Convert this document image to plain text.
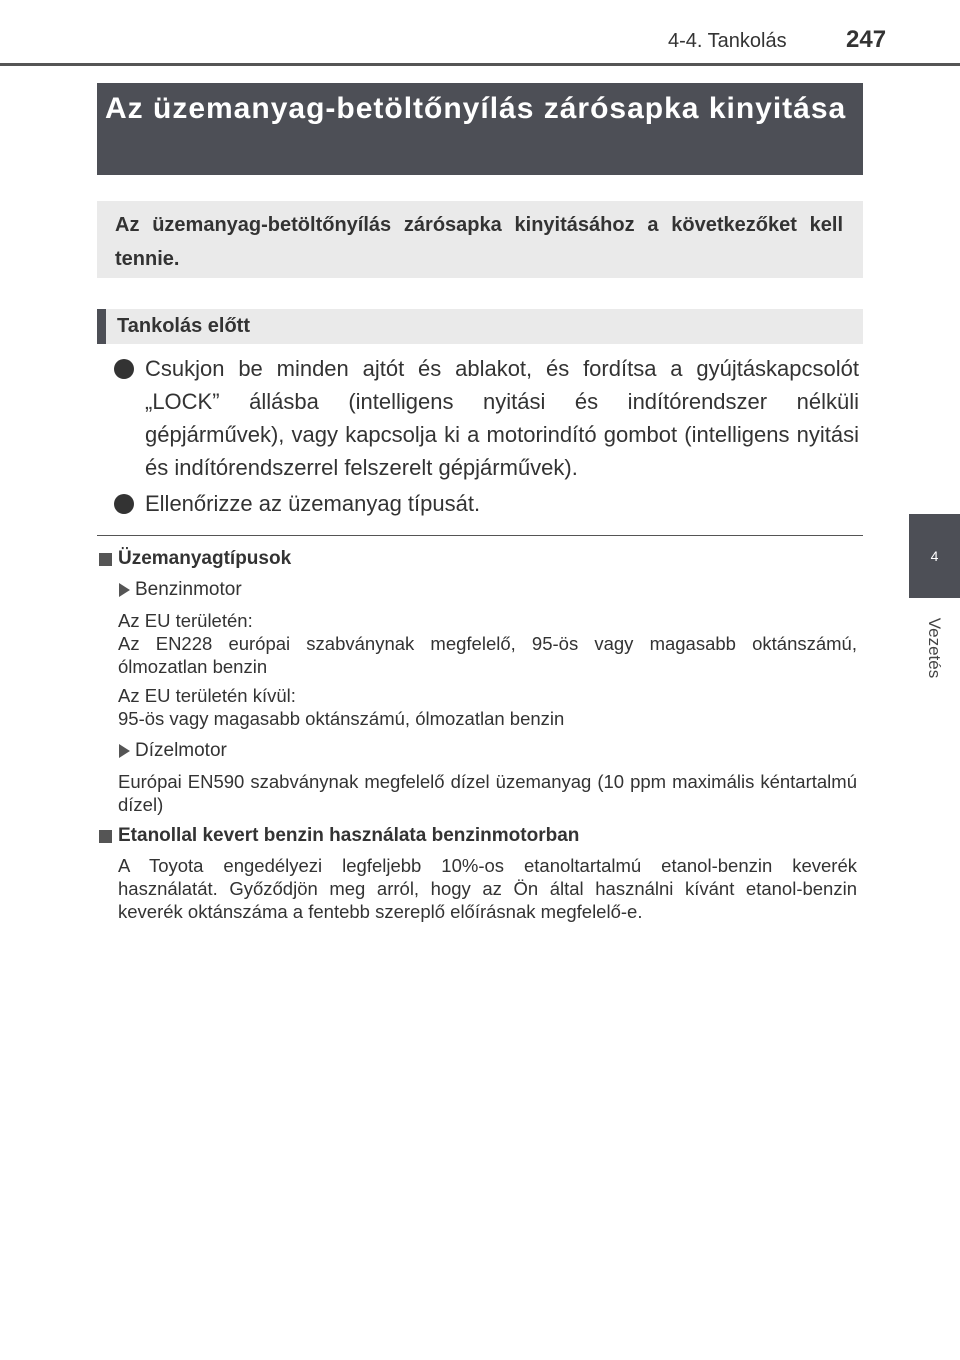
4-4. Tankolás 247
4
Vezetés
Az üzemanyag-betöltőnyílás zárósapka kinyitása
Az üzemanyag-betöltőnyílás zárósapka kinyitásához a következőket kell tennie.
Tankolás előtt
Csukjon be minden ajtót és ablakot, és fordítsa a gyújtáskapcsolót „LOCK” állásba (intelligens nyitási és indítórendszer nélküli gépjárművek), vagy kapcsolja ki a motorindító gombot (intelligens nyitási és indítórendszerrel felszerelt gépjárművek).
Ellenőrizze az üzemanyag típusát.
Üzemanyagtípusok
Benzinmotor
Az EU területén:
Az EN228 európai szabványnak megfelelő, 95-ös vagy magasabb oktánszámú, ólmozatlan benzin
Az EU területén kívül:
95-ös vagy magasabb oktánszámú, ólmozatlan benzin
Dízelmotor
Európai EN590 szabványnak megfelelő dízel üzemanyag (10 ppm maximális kéntartalmú dízel)
Etanollal kevert benzin használata benzinmotorban
A Toyota engedélyezi legfeljebb 10%-os etanoltartalmú etanol-benzin keverék használatát. Győződjön meg arról, hogy az Ön által használni kívánt etanol-benzin keverék oktánszáma a fentebb szereplő előírásnak megfelelő-e.
